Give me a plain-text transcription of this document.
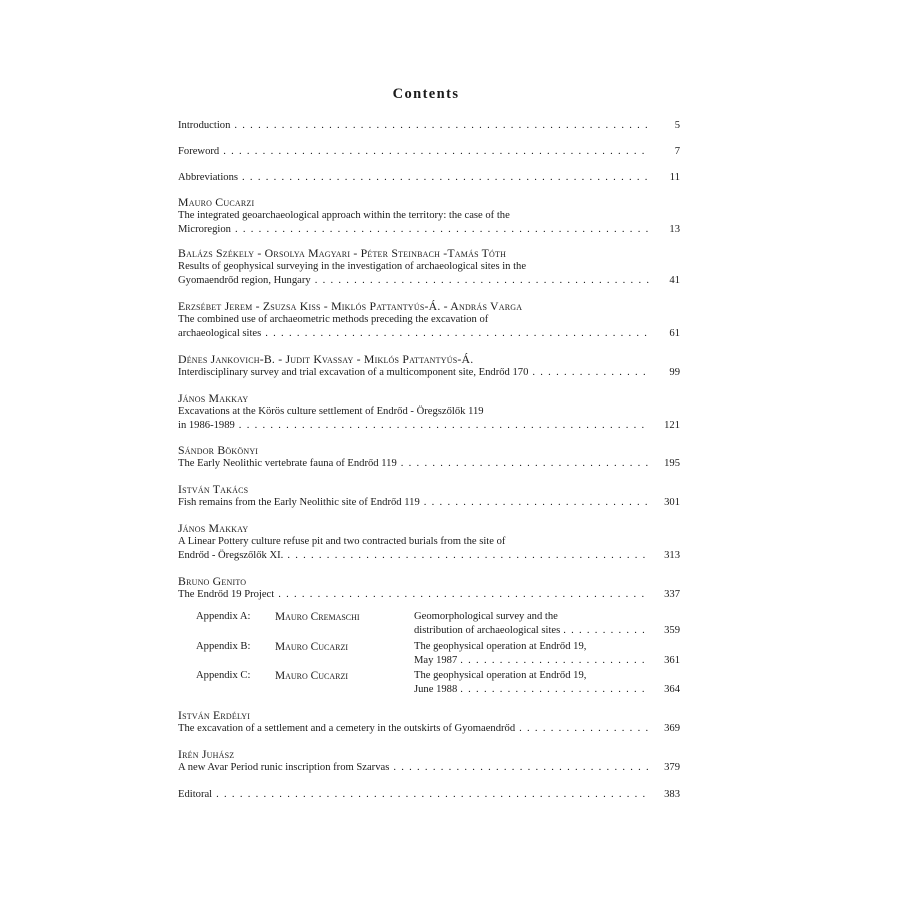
Contents
Introduction . . .	5
Foreword . . .	7
Abbreviations . . .	11
Mauro Cucarzi
The integrated geoarchaeological approach within the territory: the case of the
Microregion . . .	13
Balázs Székely - Orsolya Magyari - Péter Steinbach -Tamás Tóth
Results of geophysical surveying in the investigation of archaeological sites in the
Gyomaendrőd region, Hungary . . .	41
Erzsébet Jerem - Zsuzsa Kiss - Miklós Pattantyús-Á. - András Varga
The combined use of archaeometric methods preceding the excavation of
archaeological sites . . .	61
Dénes Jankovich-B. - Judit Kvassay - Miklós Pattantyús-Á.
Interdisciplinary survey and trial excavation of a multicomponent site, Endrőd 170 . . .	99
János Makkay
Excavations at the Körös culture settlement of Endrőd - Öregszőlők 119
in 1986-1989 . . .	121
Sándor Bökönyi
The Early Neolithic vertebrate fauna of Endrőd 119 . . .	195
István Takács
Fish remains from the Early Neolithic site of Endrőd 119 . . .	301
János Makkay
A Linear Pottery culture refuse pit and two contracted burials from the site of
Endrőd - Öregszőlők XI. . . .	313
Bruno Genito
The Endrőd 19 Project . . .	337
Appendix A: Mauro Cremaschi	Geomorphological survey and the
distribution of archaeological sites . . .	359
Appendix B: Mauro Cucarzi	The geophysical operation at Endrőd 19,
May 1987 . . .	361
Appendix C: Mauro Cucarzi	The geophysical operation at Endrőd 19,
June 1988 . . .	364
István Erdélyi
The excavation of a settlement and a cemetery in the outskirts of Gyomaendrőd . . .	369
Irén Juhász
A new Avar Period runic inscription from Szarvas . . .	379
Editoral . . .	383
